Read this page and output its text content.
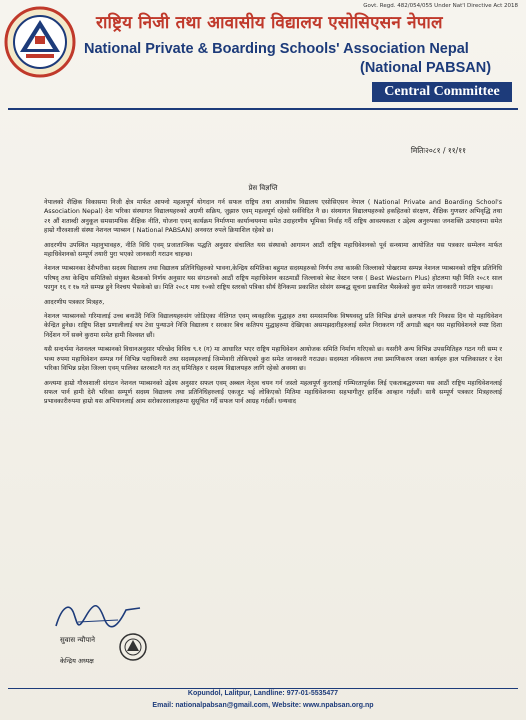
Govt. Regd. 482/054/055 Under Nat'l Directive Act 2018
राष्ट्रिय निजी तथा आवासीय विद्यालय एसोसिएसन नेपाल
National Private & Boarding Schools' Association Nepal
(National PABSAN)
Central Committee
मितिः२०८१ / ११/११
प्रेस विज्ञप्ति

नेपालको शैक्षिक विकासमा निजी क्षेत्र मार्फत आफ्नो महत्वपूर्ण योगदान गर्न सफल राष्ट्रिय तथा आवासीय विद्यालय एसोसिएसन नेपाल ( National Private and Boarding School's Association Nepal) देश भरिका संस्थागत विद्यालयहरुको अग्रणी सक्रिय, जुझारु एवम् महत्वपूर्ण रहेको सर्वविदित नै छ। संस्थागत विद्यालयहरुको हकहितको संरक्षण, शैक्षिक गुणस्तर अभिवृद्धि तथा २१ औं शताब्दी अनुकूल समसामयिक शैक्षिक नीति, योजना एवम् कार्यक्रम निर्माणमा कार्यान्वयनमा समेत उदाहरणीय भूमिका निर्वाह गर्दै राष्ट्रिय आवश्यकता र उद्देश्य अनुरुपका जनशक्ति उत्पादनमा समेत हाम्रो गौरवशाली संस्था नेशनल प्याब्सन ( National PABSAN) अनवरत रुपले क्रियाशिल रहेको छ।

आदरणीय उपस्थित महानुभावहरु, नीति विधि एवम् प्रजातान्त्रिक पद्धति अनुसार संचालित यस संस्थाको आगामन आठौं राष्ट्रिय महाधिवेशनको पूर्व सन्ध्यामा आयोजित यस पत्रकार सम्मेलन मार्फत महाधिवेशनको सम्पूर्ण तयारी पुरा भएको जानकारी गराउन चाहन्छ।

नेशनल प्याब्सनका देशैभरीका सदस्य विद्यालय तथा विद्यालय प्रतिनिधिहरुको भावना,केन्द्रिय समितिका बहुमत सदस्यहरुको निर्णय तथा कास्की जिल्लाको पोखरामा सम्पन्न नेशनल प्याब्सनको राष्ट्रिय प्रतिनिधि परिषद् तथा केन्द्रिय समितिको संयुक्त बैठकको निर्णय अनुसार यस संगठनको आठौं राष्ट्रिय महाधिवेशन काठमाडौं जिल्लाको बेस्ट वेस्टन प्लस ( Best Western Plus) होटलमा यही मिति २०८१ साल फागुन १६ र १७ गते सम्पन्न हुने निश्चय भैसकेको छ। मिति २०८१ माघ १०को राष्ट्रिय स्तरको पत्रिका सौर्य दैनिकमा प्रकाशित सोसंग सम्बद्ध सूचना प्रकाशित भैसकेको कुरा समेत जानकारी गराउन चाहन्छ।

आदरणीय पत्रकार मित्रहरु,

नेशनल प्याब्सनको गरिमालाई उच्च बनाउँदै निजि विद्यालयहरुसंग जोडिएका नीतिगत एवम् व्यवहारिक मुद्धाहरु तथा समसामयिक विषयवस्तु प्रति विभिन्न ढंगले छलफल गरि निकास दिन यो महाधिवेशन केन्द्रित हुनेछ। राष्ट्रिय शिक्षा प्रणालीलाई थप टेवा पुन्याउने निजि विद्यालय र सरकार बिच कतिपय मुद्धाहरुमा देखिएका असमझदारीहरुलाई समेत निराकरण गर्दै अगाडी बढ्न यस महाधिवेशनले स्पष्ट दिशा निर्देशन गर्ने सक्ने कुरामा समेत हामी विश्वस्त छौं।

यसै सन्दर्भमा नेशनलल प्याब्सनको विधानअनुसार परिच्छेद विविध ९.१ (ग) मा आधारित भएर राष्ट्रिय महाधिवेशन आयोजक समिति निर्माण गरिएको छ। यसरीनै अन्य विभिन्न उपसमितिहरु गठन गरी सम्म र भव्य रुपमा महाधिवेशन सम्पन्न गर्न विभिन्न पदाधिकारी तथा सदस्यहरुलाई जिम्मेवारी तोकिएको कुरा समेत जानकारी गराउछ। सदस्यता नविकरण तथा प्रमाणिकरण जस्ता कार्यहरु हाल पालिकास्तर र देश भरिका विभिन्न प्रदेश जिल्ला एवम् पालिका स्तरबाटनै गत तत् समितिहरु र सदस्य विद्यालयहरु लागि रहेको अवस्था छ।

अन्त्यमा हाम्रो गौरवशाली संगठन नेशनल प्याब्सनको उद्देश्य अनुसार सफल एवम् अब्बल नेतृत्व चयन गर्न जस्तो महत्वपूर्ण कुरालाई गम्भिरतापूर्वक लिई एकताबद्धरुपमा यस आठौं राष्ट्रिय महाधिवेशनलाई सफल पार्न हामी देशै भरिका सम्पूर्ण सदस्य विद्यालय तथा प्रतिनिधिहरुलाई एकजुट भई लोकिएको मितिमा महाधिवेशनमा सहभागीतुर हार्दिक आव्हान गर्दछौं। साथै सम्पूर्ण पत्रकार मित्रहरुलाई प्रभावकारीरुपमा हाम्रो यस अभियानलाई आम सरोकारवालाहरुमा सुसूचित गर्दै सफल पार्न आग्रह गर्दछौं। धन्यवाद

सुवास न्यौपाने
केन्द्रिय अध्यक्ष
Kopundol, Lalitpur, Landline: 977-01-5535477
Email: nationalpabsan@gmail.com, Website: www.npabsan.org.np
